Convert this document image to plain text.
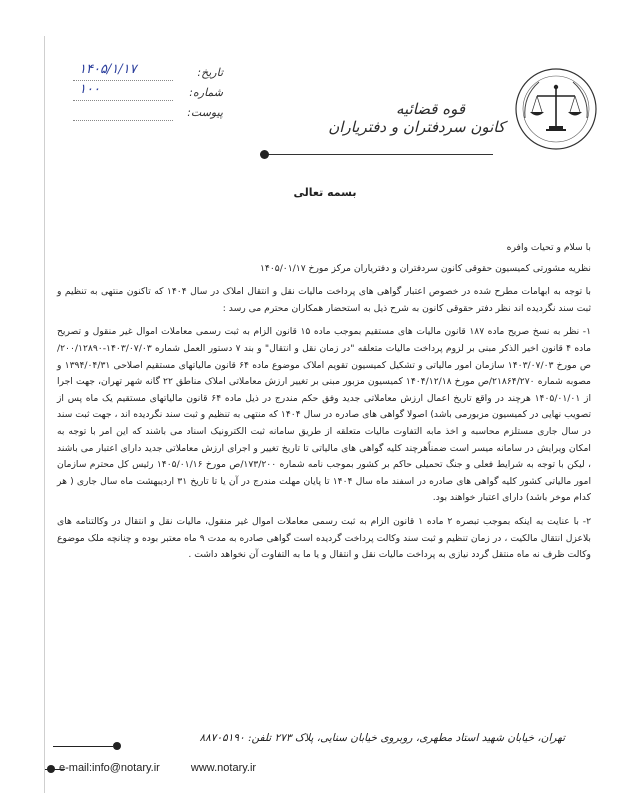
قوه قضائیه
کانون سردفتران و دفتریاران
تاریخ:
۱۴۰۵/۱/۱۷
شماره:
۱۰۰
پیوست:
بسمه تعالی

با سلام و تحیات وافره

نظریه مشورتی کمیسیون حقوقی کانون سردفتران و دفتریاران مرکز مورخ ۱۴۰۵/۰۱/۱۷

با توجه به ابهامات مطرح شده در خصوص اعتبار گواهی های پرداخت مالیات نقل و انتقال املاک در سال ۱۴۰۴ که تاکنون منتهی به تنظیم و ثبت سند نگردیده اند نظر دفتر حقوقی کانون به شرح ذیل به استحضار همکاران محترم می رسد :

۱- نظر به نسخ صریح ماده ۱۸۷ قانون مالیات های مستقیم بموجب ماده ۱۵ قانون الزام به ثبت رسمی معاملات اموال غیر منقول و تصریح ماده ۴ قانون اخیر الذکر مبنی بر لزوم پرداخت مالیات متعلقه "در زمان نقل و انتقال" و بند ۷ دستور العمل شماره ۱۴۰۳/۰۷/۰۳-۲۰۰/۱۲۸۹۰/ص مورخ ۱۴۰۳/۰۷/۰۳ سازمان امور مالیاتی و تشکیل کمیسیون تقویم املاک موضوع ماده ۶۴ قانون مالیاتهای مستقیم اصلاحی ۱۳۹۴/۰۴/۳۱ و مصوبه شماره ۲۱۸۶۴/۲۷۰/ص مورخ ۱۴۰۴/۱۲/۱۸ کمیسیون مزبور مبنی بر تغییر ارزش معاملاتی املاک مناطق ۲۲ گانه شهر تهران، جهت اجرا از ۱۴۰۵/۰۱/۰۱ هرچند در واقع تاریخ اعمال ارزش معاملاتی جدید وفق حکم مندرج در ذیل ماده ۶۴ قانون مالیاتهای مستقیم یک ماه پس از تصویب نهایی در کمیسیون مزبورمی باشد) اصولا گواهی های صادره در سال ۱۴۰۴ که منتهی به تنظیم و ثبت سند نگردیده اند ، جهت ثبت سند در سال جاری مستلزم محاسبه و اخذ مابه التفاوت مالیات متعلقه از طریق سامانه ثبت الکترونیک اسناد می باشند که این امر با توجه به امکان ویرایش در سامانه میسر است ضمناًهرچند کلیه گواهی های مالیاتی تا تاریخ تغییر و اجرای ارزش معاملاتی جدید دارای اعتبار می باشند ، لیکن با توجه به شرایط فعلی و جنگ تحمیلی حاکم بر کشور بموجب نامه شماره ۱۷۳/۲۰۰/ص مورخ ۱۴۰۵/۰۱/۱۶ رئیس کل محترم سازمان امور مالیاتی کشور کلیه گواهی های صادره در اسفند ماه سال ۱۴۰۴ تا پایان مهلت مندرج در آن یا تا تاریخ ۳۱ اردیبهشت ماه سال جاری ( هر کدام موخر باشد) دارای اعتبار خواهند بود.

۲- با عنایت به اینکه بموجب تبصره ۲ ماده ۱ قانون الزام به ثبت رسمی معاملات اموال غیر منقول، مالیات نقل و انتقال در وکالتنامه های بلاعزل انتقال مالکیت ، در زمان تنظیم و ثبت سند وکالت پرداخت گردیده است گواهی صادره به مدت ۹ ماه معتبر بوده و چنانچه ملک موضوع وکالت ظرف نه ماه منتقل گردد نیازی به پرداخت مالیات نقل و انتقال و یا ما به التفاوت آن نخواهد داشت .

تهران، خیابان شهید استاد مطهری، روبروی خیابان سنایی، پلاک ۲۷۳ تلفن: ۸۸۷۰۵۱۹۰
e-mail:info@notary.ir	www.notary.ir
